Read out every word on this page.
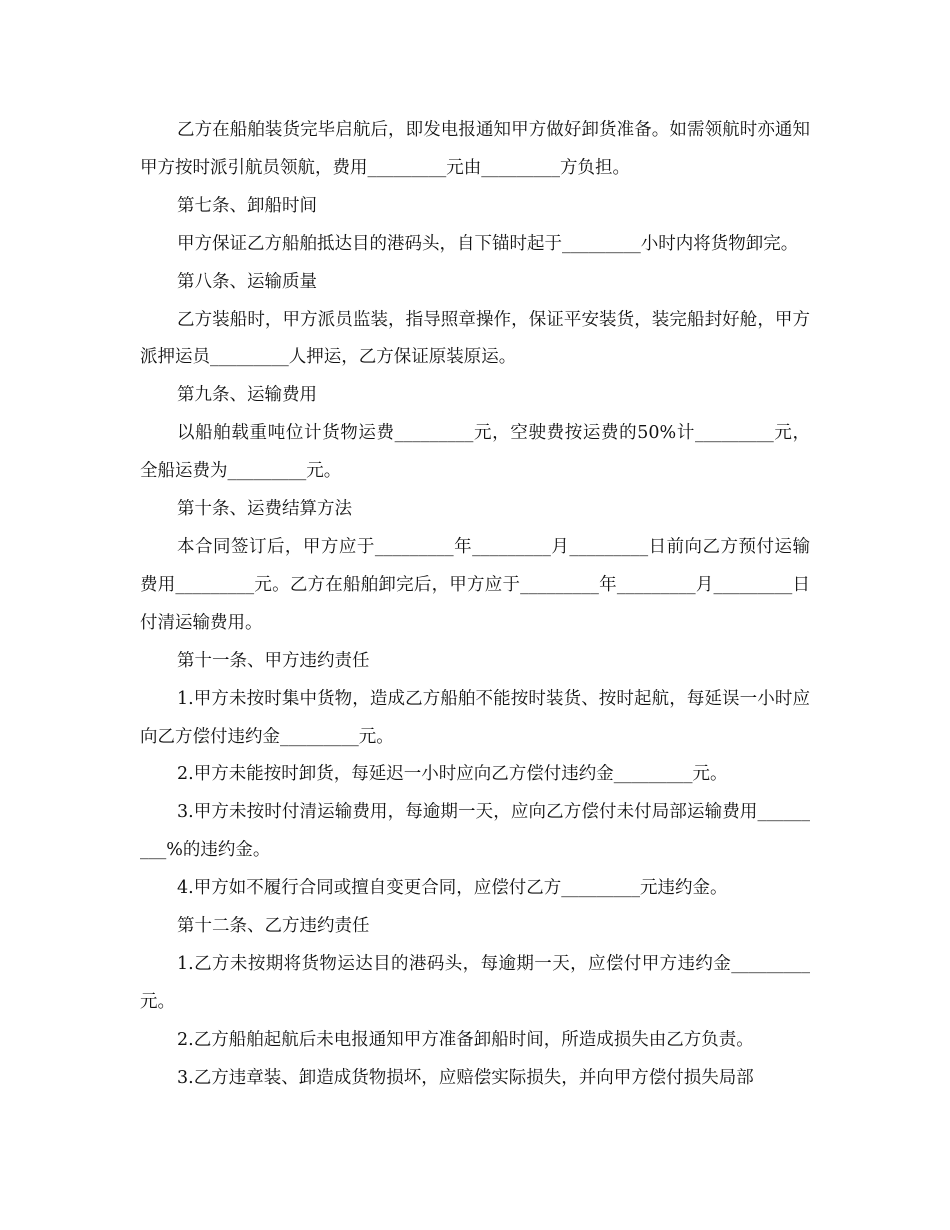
乙方在船舶装货完毕启航后，即发电报通知甲方做好卸货准备。如需领航时亦通知甲方按时派引航员领航，费用_________元由_________方负担。

第七条、卸船时间

甲方保证乙方船舶抵达目的港码头，自下锚时起于_________小时内将货物卸完。

第八条、运输质量

乙方装船时，甲方派员监装，指导照章操作，保证平安装货，装完船封好舱，甲方派押运员_________人押运，乙方保证原装原运。

第九条、运输费用

以船舶载重吨位计货物运费_________元，空驶费按运费的50%计_________元，全船运费为_________元。

第十条、运费结算方法

本合同签订后，甲方应于_________年_________月_________日前向乙方预付运输费用_________元。乙方在船舶卸完后，甲方应于_________年_________月_________日付清运输费用。

第十一条、甲方违约责任

1.甲方未按时集中货物，造成乙方船舶不能按时装货、按时起航，每延误一小时应向乙方偿付违约金_________元。

2.甲方未能按时卸货，每延迟一小时应向乙方偿付违约金_________元。

3.甲方未按时付清运输费用，每逾期一天，应向乙方偿付未付局部运输费用_________%的违约金。

4.甲方如不履行合同或擅自变更合同，应偿付乙方_________元违约金。

第十二条、乙方违约责任

1.乙方未按期将货物运达目的港码头，每逾期一天，应偿付甲方违约金_________元。

2.乙方船舶起航后未电报通知甲方准备卸船时间，所造成损失由乙方负责。

3.乙方违章装、卸造成货物损坏，应赔偿实际损失，并向甲方偿付损失局部
